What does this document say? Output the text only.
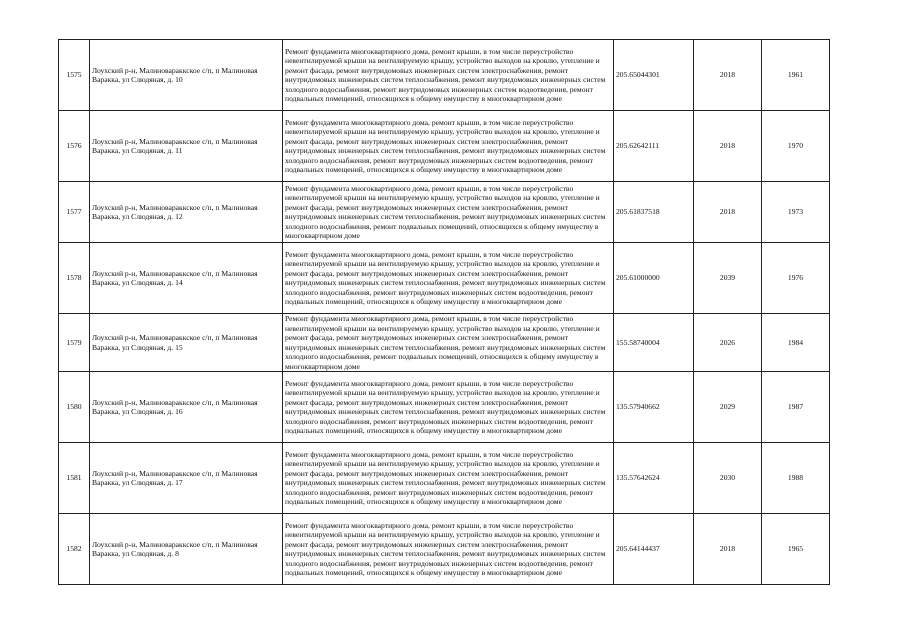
1575	Лоухский р-н, Малиновараккское с/п, п Малиновая Варакка, ул Слюдяная, д. 10	Ремонт фундамента многоквартирного дома, ремонт крыши, в том числе переустройство невентилируемой крыши на вентилируемую крышу, устройство выходов на кровлю, утепление и ремонт фасада, ремонт внутридомовых инженерных систем электроснабжения, ремонт внутридомовых инженерных систем теплоснабжения, ремонт внутридомовых инженерных систем холодного водоснабжения, ремонт внутридомовых инженерных систем водоотведения, ремонт подвальных помещений, относящихся к общему имуществу в многоквартирном доме	205.65044301	2018	1961
1576	Лоухский р-н, Малиновараккское с/п, п Малиновая Варакка, ул Слюдяная, д. 11	Ремонт фундамента многоквартирного дома, ремонт крыши, в том числе переустройство невентилируемой крыши на вентилируемую крышу, устройство выходов на кровлю, утепление и ремонт фасада, ремонт внутридомовых инженерных систем электроснабжения, ремонт внутридомовых инженерных систем теплоснабжения, ремонт внутридомовых инженерных систем холодного водоснабжения, ремонт внутридомовых инженерных систем водоотведения, ремонт подвальных помещений, относящихся к общему имуществу в многоквартирном доме	205.62642111	2018	1970
1577	Лоухский р-н, Малиновараккское с/п, п Малиновая Варакка, ул Слюдяная, д. 12	Ремонт фундамента многоквартирного дома, ремонт крыши, в том числе переустройство невентилируемой крыши на вентилируемую крышу, устройство выходов на кровлю, утепление и ремонт фасада, ремонт внутридомовых инженерных систем электроснабжения, ремонт внутридомовых инженерных систем теплоснабжения, ремонт внутридомовых инженерных систем холодного водоснабжения, ремонт подвальных помещений, относящихся к общему имуществу в многоквартирном доме	205.61837518	2018	1973
1578	Лоухский р-н, Малиновараккское с/п, п Малиновая Варакка, ул Слюдяная, д. 14	Ремонт фундамента многоквартирного дома, ремонт крыши, в том числе переустройство невентилируемой крыши на вентилируемую крышу, устройство выходов на кровлю, утепление и ремонт фасада, ремонт внутридомовых инженерных систем электроснабжения, ремонт внутридомовых инженерных систем теплоснабжения, ремонт внутридомовых инженерных систем холодного водоснабжения, ремонт внутридомовых инженерных систем водоотведения, ремонт подвальных помещений, относящихся к общему имуществу в многоквартирном доме	205.61000000	2039	1976
1579	Лоухский р-н, Малиновараккское с/п, п Малиновая Варакка, ул Слюдяная, д. 15	Ремонт фундамента многоквартирного дома, ремонт крыши, в том числе переустройство невентилируемой крыши на вентилируемую крышу, устройство выходов на кровлю, утепление и ремонт фасада, ремонт внутридомовых инженерных систем электроснабжения, ремонт внутридомовых инженерных систем теплоснабжения, ремонт внутридомовых инженерных систем холодного водоснабжения, ремонт подвальных помещений, относящихся к общему имуществу в многоквартирном доме	155.58740004	2026	1984
1580	Лоухский р-н, Малиновараккское с/п, п Малиновая Варакка, ул Слюдяная, д. 16	Ремонт фундамента многоквартирного дома, ремонт крыши, в том числе переустройство невентилируемой крыши на вентилируемую крышу, устройство выходов на кровлю, утепление и ремонт фасада, ремонт внутридомовых инженерных систем электроснабжения, ремонт внутридомовых инженерных систем теплоснабжения, ремонт внутридомовых инженерных систем холодного водоснабжения, ремонт внутридомовых инженерных систем водоотведения, ремонт подвальных помещений, относящихся к общему имуществу в многоквартирном доме	135.57940662	2029	1987
1581	Лоухский р-н, Малиновараккское с/п, п Малиновая Варакка, ул Слюдяная, д. 17	Ремонт фундамента многоквартирного дома, ремонт крыши, в том числе переустройство невентилируемой крыши на вентилируемую крышу, устройство выходов на кровлю, утепление и ремонт фасада, ремонт внутридомовых инженерных систем электроснабжения, ремонт внутридомовых инженерных систем теплоснабжения, ремонт внутридомовых инженерных систем холодного водоснабжения, ремонт внутридомовых инженерных систем водоотведения, ремонт подвальных помещений, относящихся к общему имуществу в многоквартирном доме	135.57642624	2030	1988
1582	Лоухский р-н, Малиновараккское с/п, п Малиновая Варакка, ул Слюдяная, д. 8	Ремонт фундамента многоквартирного дома, ремонт крыши, в том числе переустройство невентилируемой крыши на вентилируемую крышу, устройство выходов на кровлю, утепление и ремонт фасада, ремонт внутридомовых инженерных систем электроснабжения, ремонт внутридомовых инженерных систем теплоснабжения, ремонт внутридомовых инженерных систем холодного водоснабжения, ремонт внутридомовых инженерных систем водоотведения, ремонт подвальных помещений, относящихся к общему имуществу в многоквартирном доме	205.64144437	2018	1965
